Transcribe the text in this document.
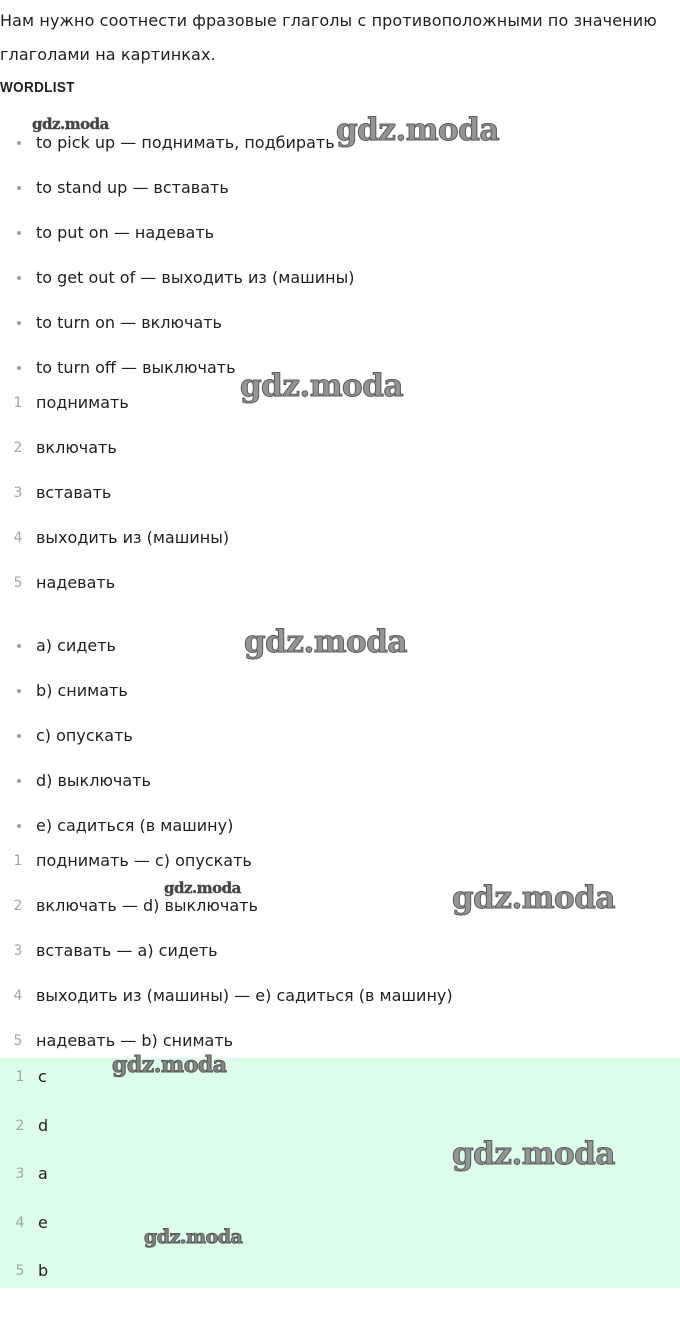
Нам нужно соотнести фразовые глаголы с противоположными по значению глаголами на картинках.

WORDLIST
to pick up — поднимать, подбирать
to stand up — вставать
to put on — надевать
to get out of — выходить из (машины)
to turn on — включать
to turn off — выключать
1 поднимать
2 включать
3 вставать
4 выходить из (машины)
5 надевать
a) сидеть
b) снимать
c) опускать
d) выключать
e) садиться (в машину)
1 поднимать — c) опускать
2 включать — d) выключать
3 вставать — a) сидеть
4 выходить из (машины) — e) садиться (в машину)
5 надевать — b) снимать
1 c
2 d
3 a
4 e
5 b
gdz.moda	gdz.moda
gdz.moda
gdz.moda
gdz.moda	gdz.moda
gdz.moda
gdz.moda
gdz.moda
